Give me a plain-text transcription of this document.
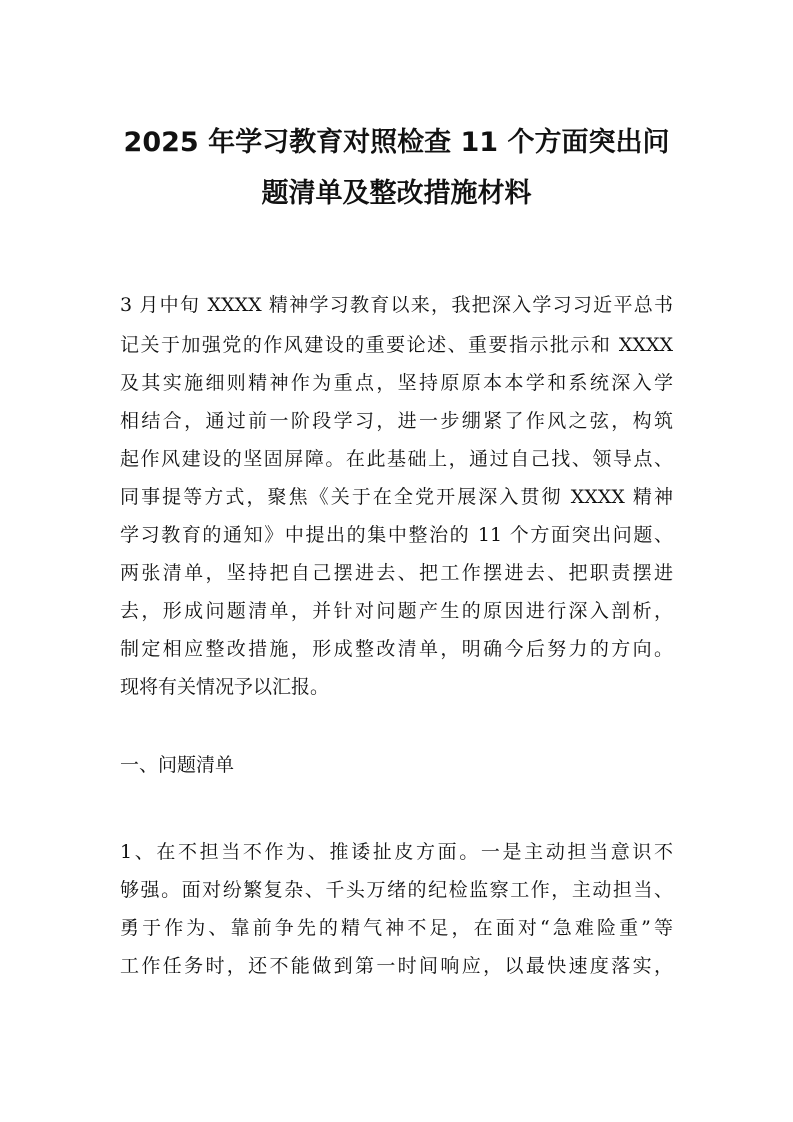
2025 年学习教育对照检查 11 个方面突出问
题清单及整改措施材料
3 月中旬 XXXX 精神学习教育以来，我把深入学习习近平总书
记关于加强党的作风建设的重要论述、重要指示批示和 XXXX
及其实施细则精神作为重点，坚持原原本本学和系统深入学
相结合，通过前一阶段学习，进一步绷紧了作风之弦，构筑
起作风建设的坚固屏障。在此基础上，通过自己找、领导点、
同事提等方式，聚焦《关于在全党开展深入贯彻 XXXX 精神
学习教育的通知》中提出的集中整治的 11 个方面突出问题、
两张清单，坚持把自己摆进去、把工作摆进去、把职责摆进
去，形成问题清单，并针对问题产生的原因进行深入剖析，
制定相应整改措施，形成整改清单，明确今后努力的方向。
现将有关情况予以汇报。
一、问题清单
1、在不担当不作为、推诿扯皮方面。一是主动担当意识不
够强。面对纷繁复杂、千头万绪的纪检监察工作，主动担当、
勇于作为、靠前争先的精气神不足，在面对“急难险重”等
工作任务时，还不能做到第一时间响应，以最快速度落实，
